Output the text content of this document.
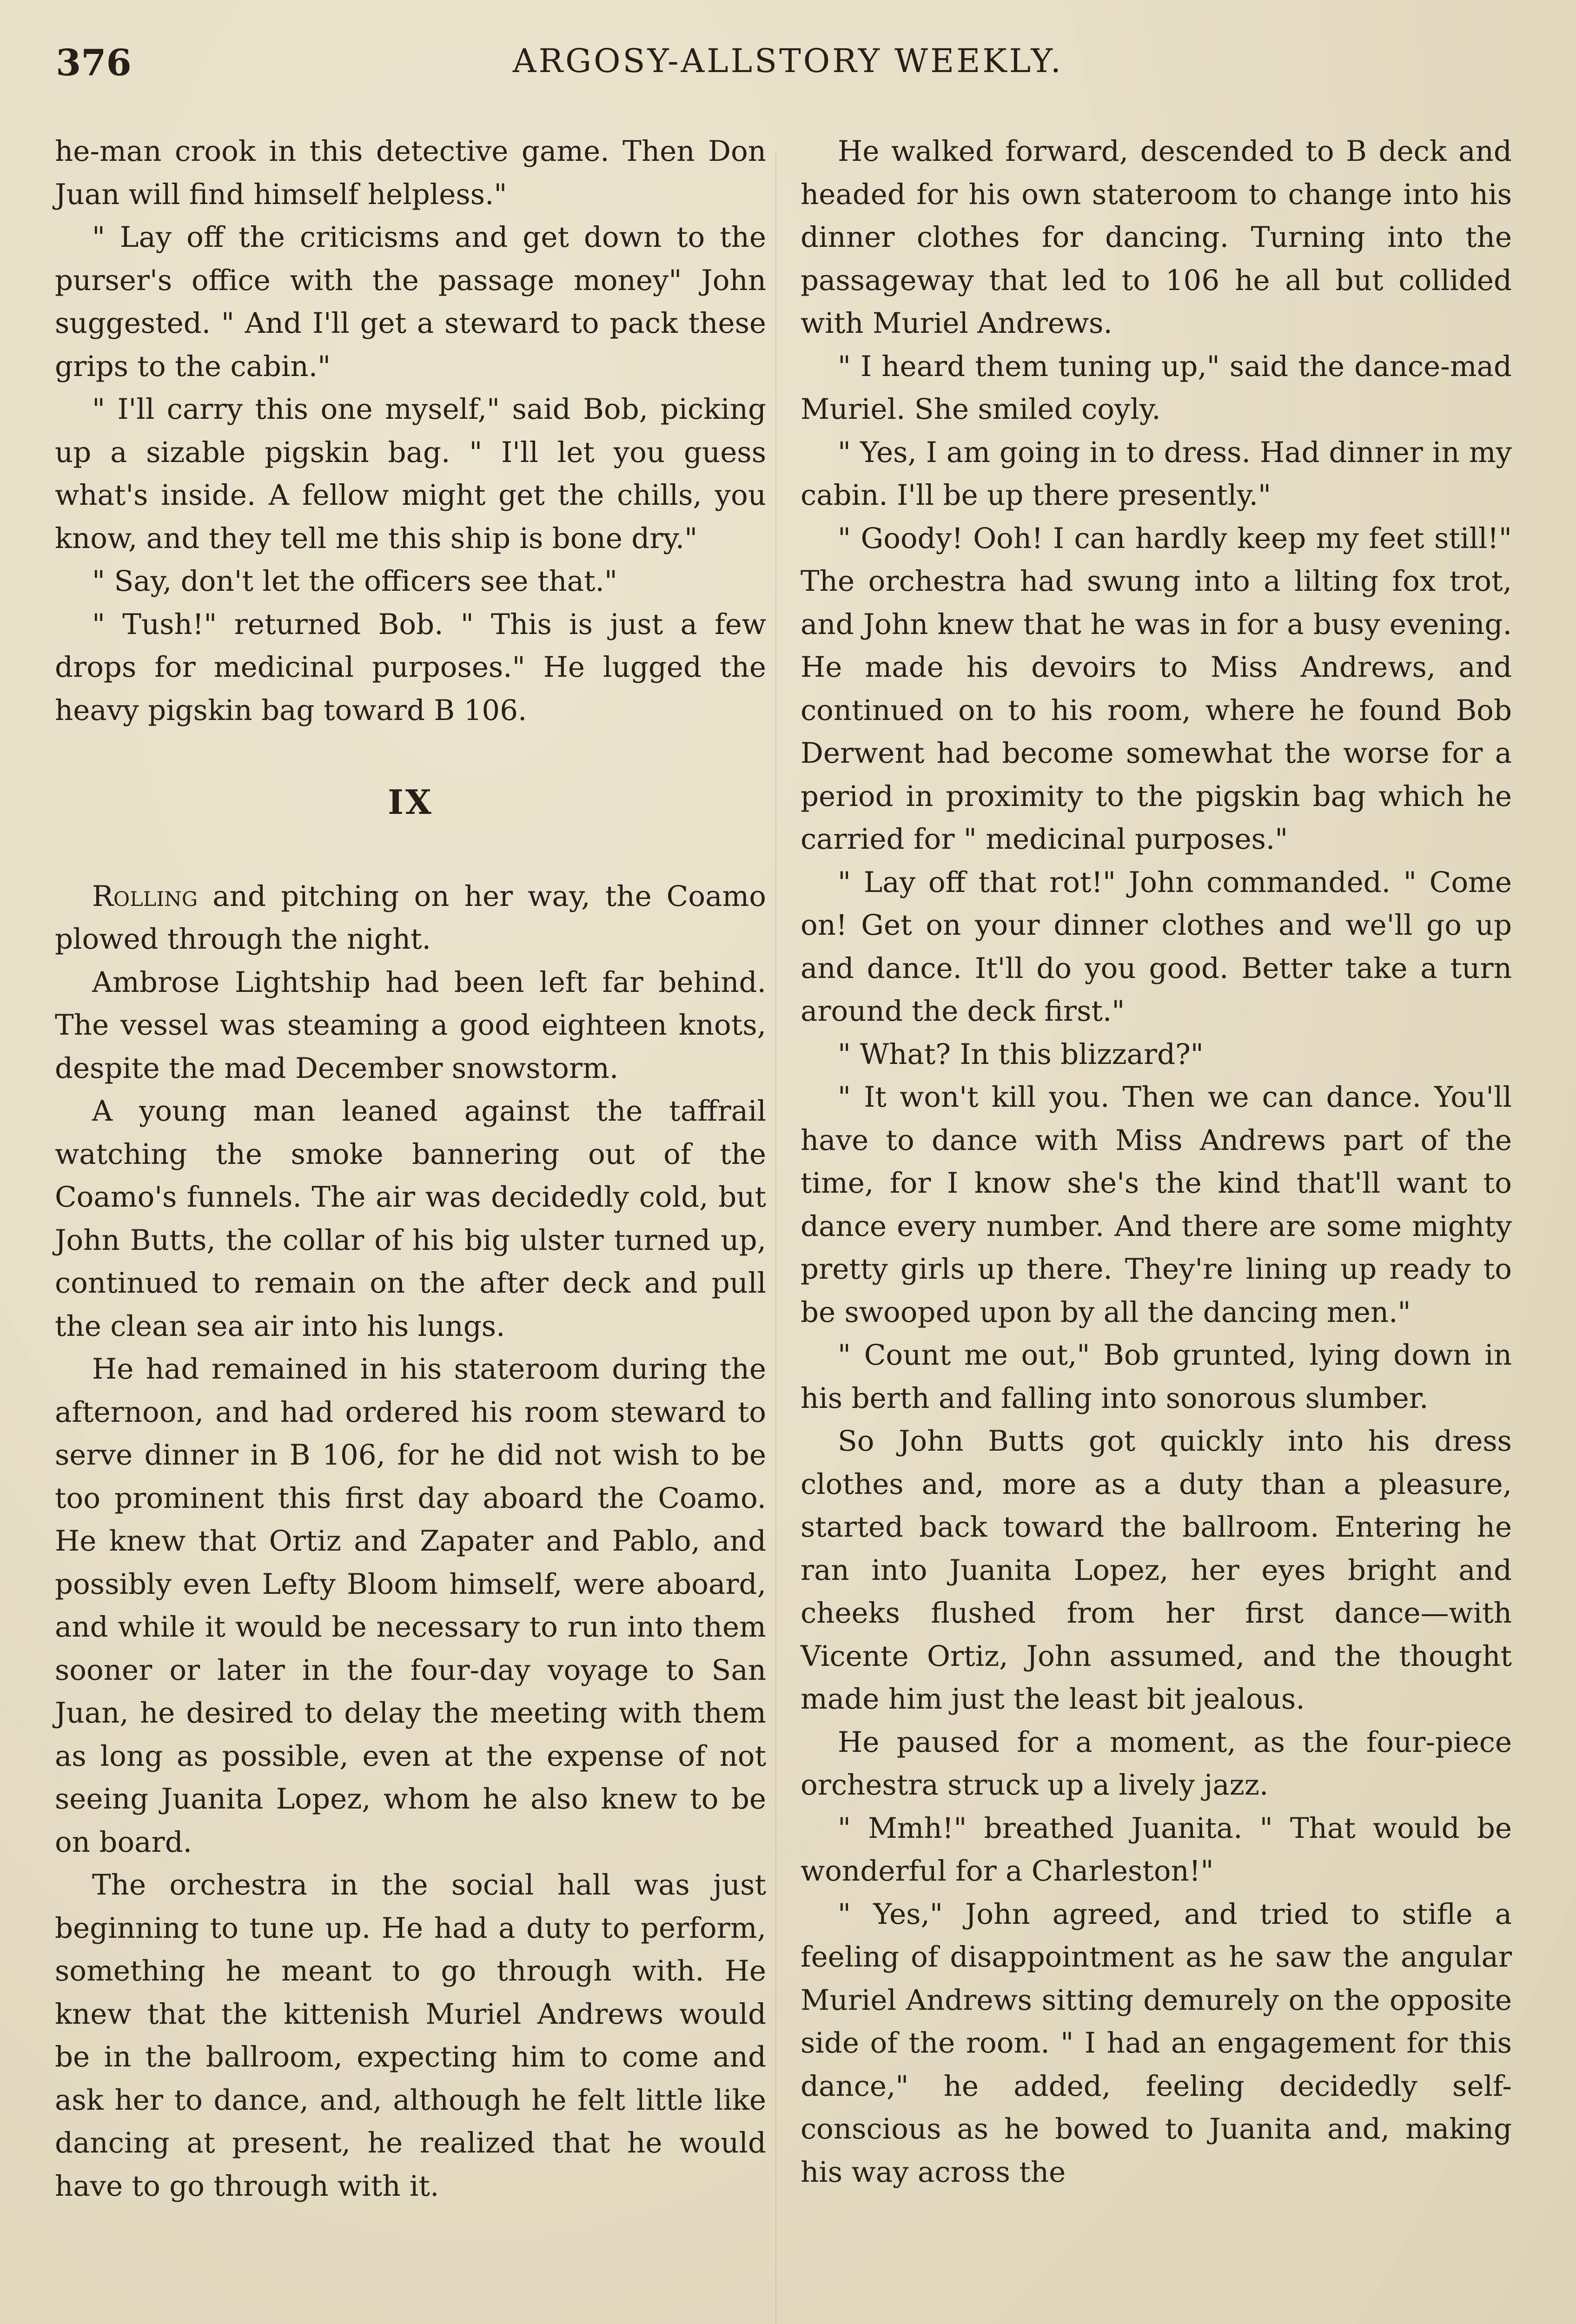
376	ARGOSY-ALLSTORY WEEKLY.

he-man crook in this detective game. Then Don Juan will find himself helpless."

" Lay off the criticisms and get down to the purser's office with the passage money" John suggested. " And I'll get a steward to pack these grips to the cabin."

" I'll carry this one myself," said Bob, picking up a sizable pigskin bag. " I'll let you guess what's inside. A fellow might get the chills, you know, and they tell me this ship is bone dry."

" Say, don't let the officers see that."

" Tush!" returned Bob. " This is just a few drops for medicinal purposes." He lugged the heavy pigskin bag toward B 106.

IX

Rolling and pitching on her way, the Coamo plowed through the night.

Ambrose Lightship had been left far behind. The vessel was steaming a good eighteen knots, despite the mad December snowstorm.

A young man leaned against the taffrail watching the smoke bannering out of the Coamo's funnels. The air was decidedly cold, but John Butts, the collar of his big ulster turned up, continued to remain on the after deck and pull the clean sea air into his lungs.

He had remained in his stateroom during the afternoon, and had ordered his room steward to serve dinner in B 106, for he did not wish to be too prominent this first day aboard the Coamo. He knew that Ortiz and Zapater and Pablo, and possibly even Lefty Bloom himself, were aboard, and while it would be necessary to run into them sooner or later in the four-day voyage to San Juan, he desired to delay the meeting with them as long as possible, even at the expense of not seeing Juanita Lopez, whom he also knew to be on board.

The orchestra in the social hall was just beginning to tune up. He had a duty to perform, something he meant to go through with. He knew that the kittenish Muriel Andrews would be in the ballroom, expecting him to come and ask her to dance, and, although he felt little like dancing at present, he realized that he would have to go through with it.

He walked forward, descended to B deck and headed for his own stateroom to change into his dinner clothes for dancing. Turning into the passageway that led to 106 he all but collided with Muriel Andrews.

" I heard them tuning up," said the dance-mad Muriel. She smiled coyly.

" Yes, I am going in to dress. Had dinner in my cabin. I'll be up there presently."

" Goody! Ooh! I can hardly keep my feet still!" The orchestra had swung into a lilting fox trot, and John knew that he was in for a busy evening. He made his devoirs to Miss Andrews, and continued on to his room, where he found Bob Derwent had become somewhat the worse for a period in proximity to the pigskin bag which he carried for " medicinal purposes."

" Lay off that rot!" John commanded. " Come on! Get on your dinner clothes and we'll go up and dance. It'll do you good. Better take a turn around the deck first."

" What? In this blizzard?"

" It won't kill you. Then we can dance. You'll have to dance with Miss Andrews part of the time, for I know she's the kind that'll want to dance every number. And there are some mighty pretty girls up there. They're lining up ready to be swooped upon by all the dancing men."

" Count me out," Bob grunted, lying down in his berth and falling into sonorous slumber.

So John Butts got quickly into his dress clothes and, more as a duty than a pleasure, started back toward the ballroom. Entering he ran into Juanita Lopez, her eyes bright and cheeks flushed from her first dance—with Vicente Ortiz, John assumed, and the thought made him just the least bit jealous.

He paused for a moment, as the four-piece orchestra struck up a lively jazz.

" Mmh!" breathed Juanita. " That would be wonderful for a Charleston!"

" Yes," John agreed, and tried to stifle a feeling of disappointment as he saw the angular Muriel Andrews sitting demurely on the opposite side of the room. " I had an engagement for this dance," he added, feeling decidedly self-conscious as he bowed to Juanita and, making his way across the
